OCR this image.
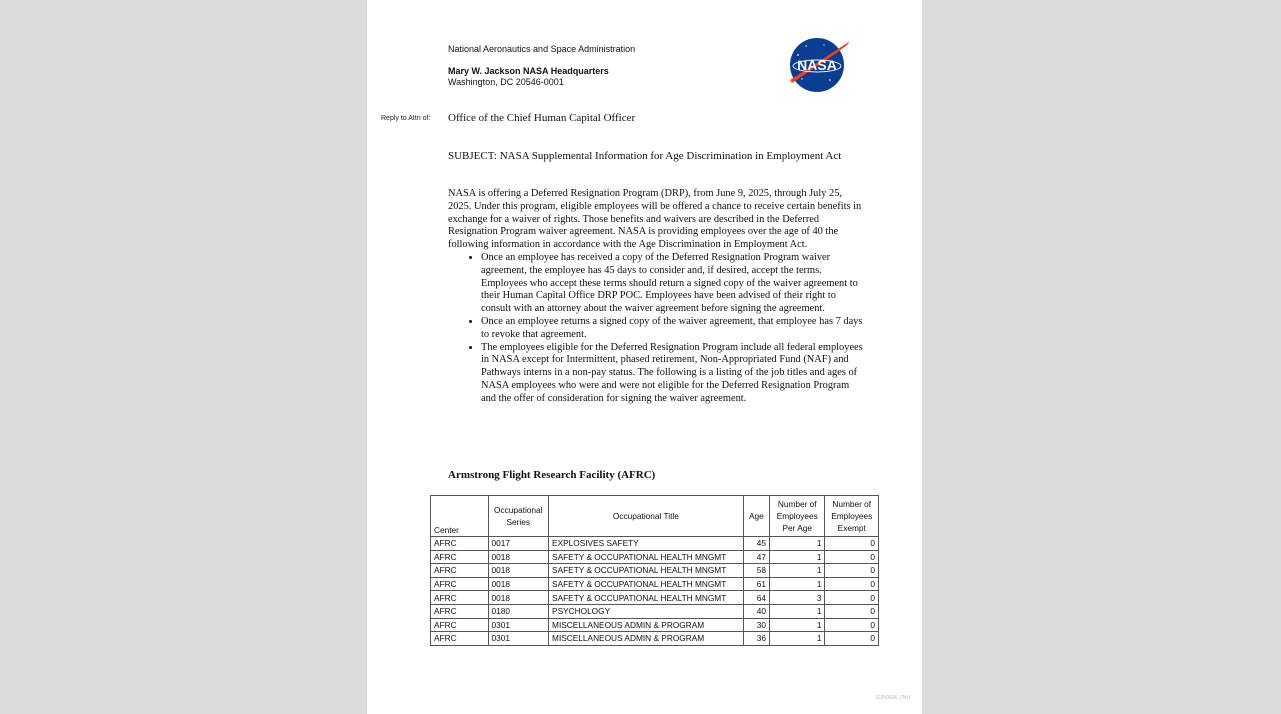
National Aeronautics and Space Administration
Mary W. Jackson NASA Headquarters
Washington, DC 20546-0001
NASA
Reply to Attn of: Office of the Chief Human Capital Officer
SUBJECT: NASA Supplemental Information for Age Discrimination in Employment Act

NASA is offering a Deferred Resignation Program (DRP), from June 9, 2025, through July 25, 2025. Under this program, eligible employees will be offered a chance to receive certain benefits in exchange for a waiver of rights. Those benefits and waivers are described in the Deferred Resignation Program waiver agreement. NASA is providing employees over the age of 40 the following information in accordance with the Age Discrimination in Employment Act.

• Once an employee has received a copy of the Deferred Resignation Program waiver agreement, the employee has 45 days to consider and, if desired, accept the terms. Employees who accept these terms should return a signed copy of the waiver agreement to their Human Capital Office DRP POC. Employees have been advised of their right to consult with an attorney about the waiver agreement before signing the agreement.
• Once an employee returns a signed copy of the waiver agreement, that employee has 7 days to revoke that agreement.
• The employees eligible for the Deferred Resignation Program include all federal employees in NASA except for Intermittent, phased retirement, Non-Appropriated Fund (NAF) and Pathways interns in a non-pay status. The following is a listing of the job titles and ages of NASA employees who were and were not eligible for the Deferred Resignation Program and the offer of consideration for signing the waiver agreement.
Armstrong Flight Research Facility (AFRC)
Center	Occupational Series	Occupational Title	Age	Number of Employees Per Age	Number of Employees Exempt
AFRC	0017	EXPLOSIVES SAFETY	45	1	0
AFRC	0018	SAFETY & OCCUPATIONAL HEALTH MNGMT	47	1	0
AFRC	0018	SAFETY & OCCUPATIONAL HEALTH MNGMT	58	1	0
AFRC	0018	SAFETY & OCCUPATIONAL HEALTH MNGMT	61	1	0
AFRC	0018	SAFETY & OCCUPATIONAL HEALTH MNGMT	64	3	0
AFRC	0180	PSYCHOLOGY	40	1	0
AFRC	0301	MISCELLANEOUS ADMIN & PROGRAM	30	1	0
AFRC	0301	MISCELLANEOUS ADMIN & PROGRAM	36	1	0
20250606_2NH
